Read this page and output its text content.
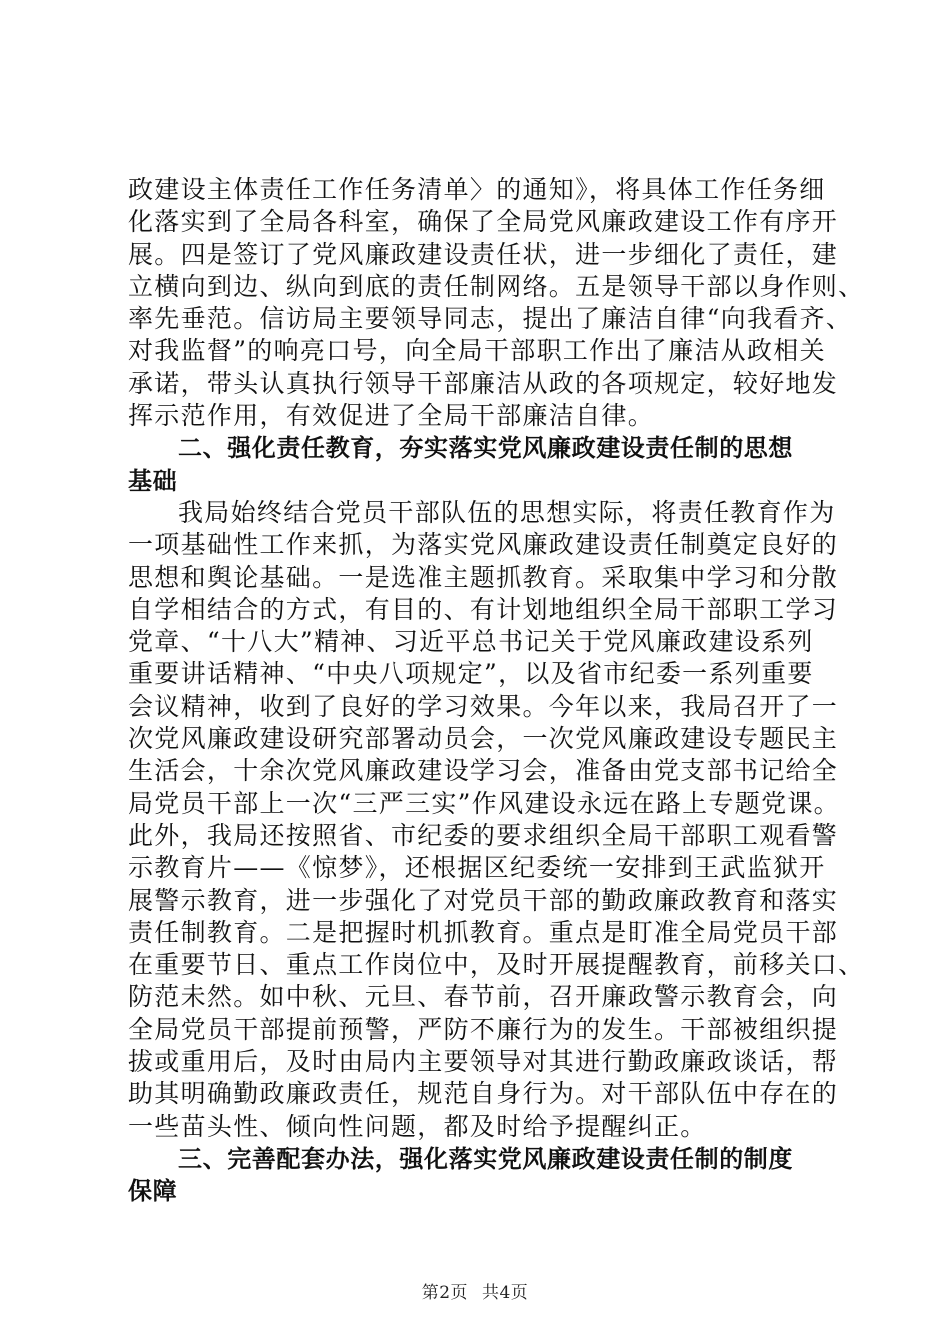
政建设主体责任工作任务清单〉的通知》，将具体工作任务细
化落实到了全局各科室，确保了全局党风廉政建设工作有序开
展。四是签订了党风廉政建设责任状，进一步细化了责任，建
立横向到边、纵向到底的责任制网络。五是领导干部以身作则、
率先垂范。信访局主要领导同志，提出了廉洁自律“向我看齐、
对我监督”的响亮口号，向全局干部职工作出了廉洁从政相关
承诺，带头认真执行领导干部廉洁从政的各项规定，较好地发
挥示范作用，有效促进了全局干部廉洁自律。
二、强化责任教育，夯实落实党风廉政建设责任制的思想
基础
我局始终结合党员干部队伍的思想实际，将责任教育作为
一项基础性工作来抓，为落实党风廉政建设责任制奠定良好的
思想和舆论基础。一是选准主题抓教育。采取集中学习和分散
自学相结合的方式，有目的、有计划地组织全局干部职工学习
党章、“十八大”精神、习近平总书记关于党风廉政建设系列
重要讲话精神、“中央八项规定”，以及省市纪委一系列重要
会议精神，收到了良好的学习效果。今年以来，我局召开了一
次党风廉政建设研究部署动员会，一次党风廉政建设专题民主
生活会，十余次党风廉政建设学习会，准备由党支部书记给全
局党员干部上一次“三严三实”作风建设永远在路上专题党课。
此外，我局还按照省、市纪委的要求组织全局干部职工观看警
示教育片——《惊梦》，还根据区纪委统一安排到王武监狱开
展警示教育，进一步强化了对党员干部的勤政廉政教育和落实
责任制教育。二是把握时机抓教育。重点是盯准全局党员干部
在重要节日、重点工作岗位中，及时开展提醒教育，前移关口、
防范未然。如中秋、元旦、春节前，召开廉政警示教育会，向
全局党员干部提前预警，严防不廉行为的发生。干部被组织提
拔或重用后，及时由局内主要领导对其进行勤政廉政谈话，帮
助其明确勤政廉政责任，规范自身行为。对干部队伍中存在的
一些苗头性、倾向性问题，都及时给予提醒纠正。
三、完善配套办法，强化落实党风廉政建设责任制的制度
保障
第2页 共4页
